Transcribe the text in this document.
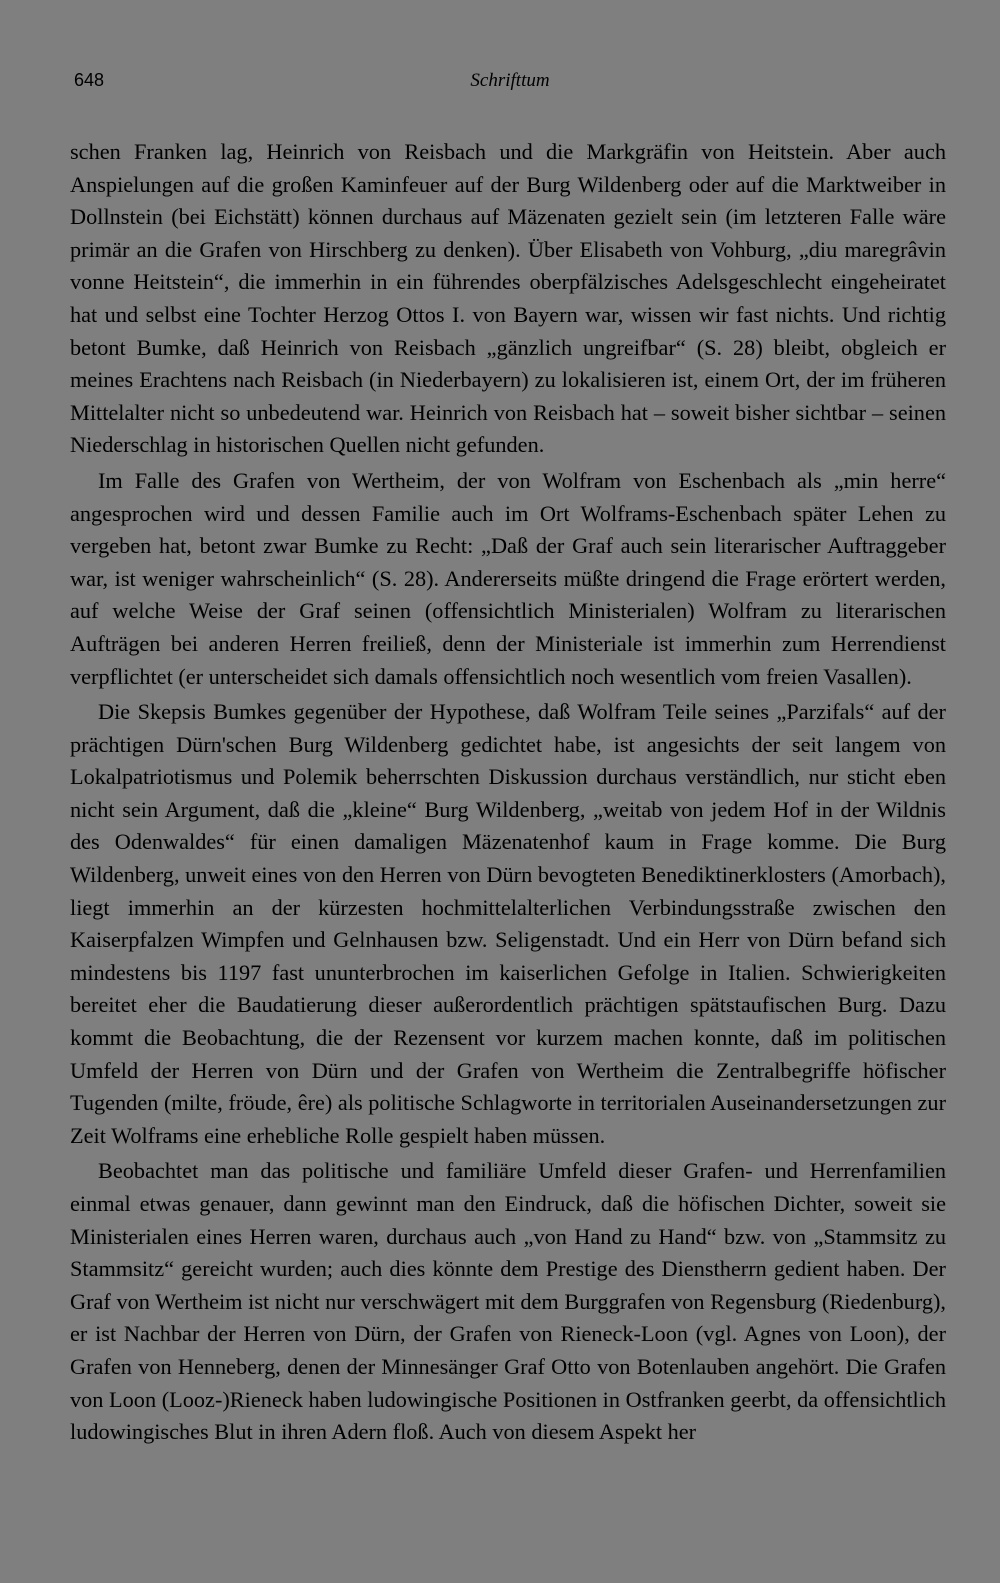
648	Schrifttum

schen Franken lag, Heinrich von Reisbach und die Markgräfin von Heitstein. Aber auch Anspielungen auf die großen Kaminfeuer auf der Burg Wildenberg oder auf die Marktweiber in Dollnstein (bei Eichstätt) können durchaus auf Mäzenaten gezielt sein (im letzteren Falle wäre primär an die Grafen von Hirschberg zu denken). Über Elisabeth von Vohburg, „diu maregrâvin vonne Heitstein“, die immerhin in ein führendes oberpfälzisches Adelsgeschlecht eingeheiratet hat und selbst eine Tochter Herzog Ottos I. von Bayern war, wissen wir fast nichts. Und richtig betont Bumke, daß Heinrich von Reisbach „gänzlich ungreifbar“ (S. 28) bleibt, obgleich er meines Erachtens nach Reisbach (in Niederbayern) zu lokalisieren ist, einem Ort, der im früheren Mittelalter nicht so unbedeutend war. Heinrich von Reisbach hat – soweit bisher sichtbar – seinen Niederschlag in historischen Quellen nicht gefunden.

Im Falle des Grafen von Wertheim, der von Wolfram von Eschenbach als „min herre“ angesprochen wird und dessen Familie auch im Ort Wolframs-Eschenbach später Lehen zu vergeben hat, betont zwar Bumke zu Recht: „Daß der Graf auch sein literarischer Auftraggeber war, ist weniger wahrscheinlich“ (S. 28). Andererseits müßte dringend die Frage erörtert werden, auf welche Weise der Graf seinen (offensichtlich Ministerialen) Wolfram zu literarischen Aufträgen bei anderen Herren freiließ, denn der Ministeriale ist immerhin zum Herrendienst verpflichtet (er unterscheidet sich damals offensichtlich noch wesentlich vom freien Vasallen).

Die Skepsis Bumkes gegenüber der Hypothese, daß Wolfram Teile seines „Parzifals“ auf der prächtigen Dürn'schen Burg Wildenberg gedichtet habe, ist angesichts der seit langem von Lokalpatriotismus und Polemik beherrschten Diskussion durchaus verständlich, nur sticht eben nicht sein Argument, daß die „kleine“ Burg Wildenberg, „weitab von jedem Hof in der Wildnis des Odenwaldes“ für einen damaligen Mäzenatenhof kaum in Frage komme. Die Burg Wildenberg, unweit eines von den Herren von Dürn bevogteten Benediktinerklosters (Amorbach), liegt immerhin an der kürzesten hochmittelalterlichen Verbindungsstraße zwischen den Kaiserpfalzen Wimpfen und Gelnhausen bzw. Seligenstadt. Und ein Herr von Dürn befand sich mindestens bis 1197 fast ununterbrochen im kaiserlichen Gefolge in Italien. Schwierigkeiten bereitet eher die Baudatierung dieser außerordentlich prächtigen spätstaufischen Burg. Dazu kommt die Beobachtung, die der Rezensent vor kurzem machen konnte, daß im politischen Umfeld der Herren von Dürn und der Grafen von Wertheim die Zentralbegriffe höfischer Tugenden (milte, fröude, êre) als politische Schlagworte in territorialen Auseinandersetzungen zur Zeit Wolframs eine erhebliche Rolle gespielt haben müssen.

Beobachtet man das politische und familiäre Umfeld dieser Grafen- und Herrenfamilien einmal etwas genauer, dann gewinnt man den Eindruck, daß die höfischen Dichter, soweit sie Ministerialen eines Herren waren, durchaus auch „von Hand zu Hand“ bzw. von „Stammsitz zu Stammsitz“ gereicht wurden; auch dies könnte dem Prestige des Dienstherrn gedient haben. Der Graf von Wertheim ist nicht nur verschwägert mit dem Burggrafen von Regensburg (Riedenburg), er ist Nachbar der Herren von Dürn, der Grafen von Rieneck-Loon (vgl. Agnes von Loon), der Grafen von Henneberg, denen der Minnesänger Graf Otto von Botenlauben angehört. Die Grafen von Loon (Looz-)Rieneck haben ludowingische Positionen in Ostfranken geerbt, da offensichtlich ludowingisches Blut in ihren Adern floß. Auch von diesem Aspekt her
